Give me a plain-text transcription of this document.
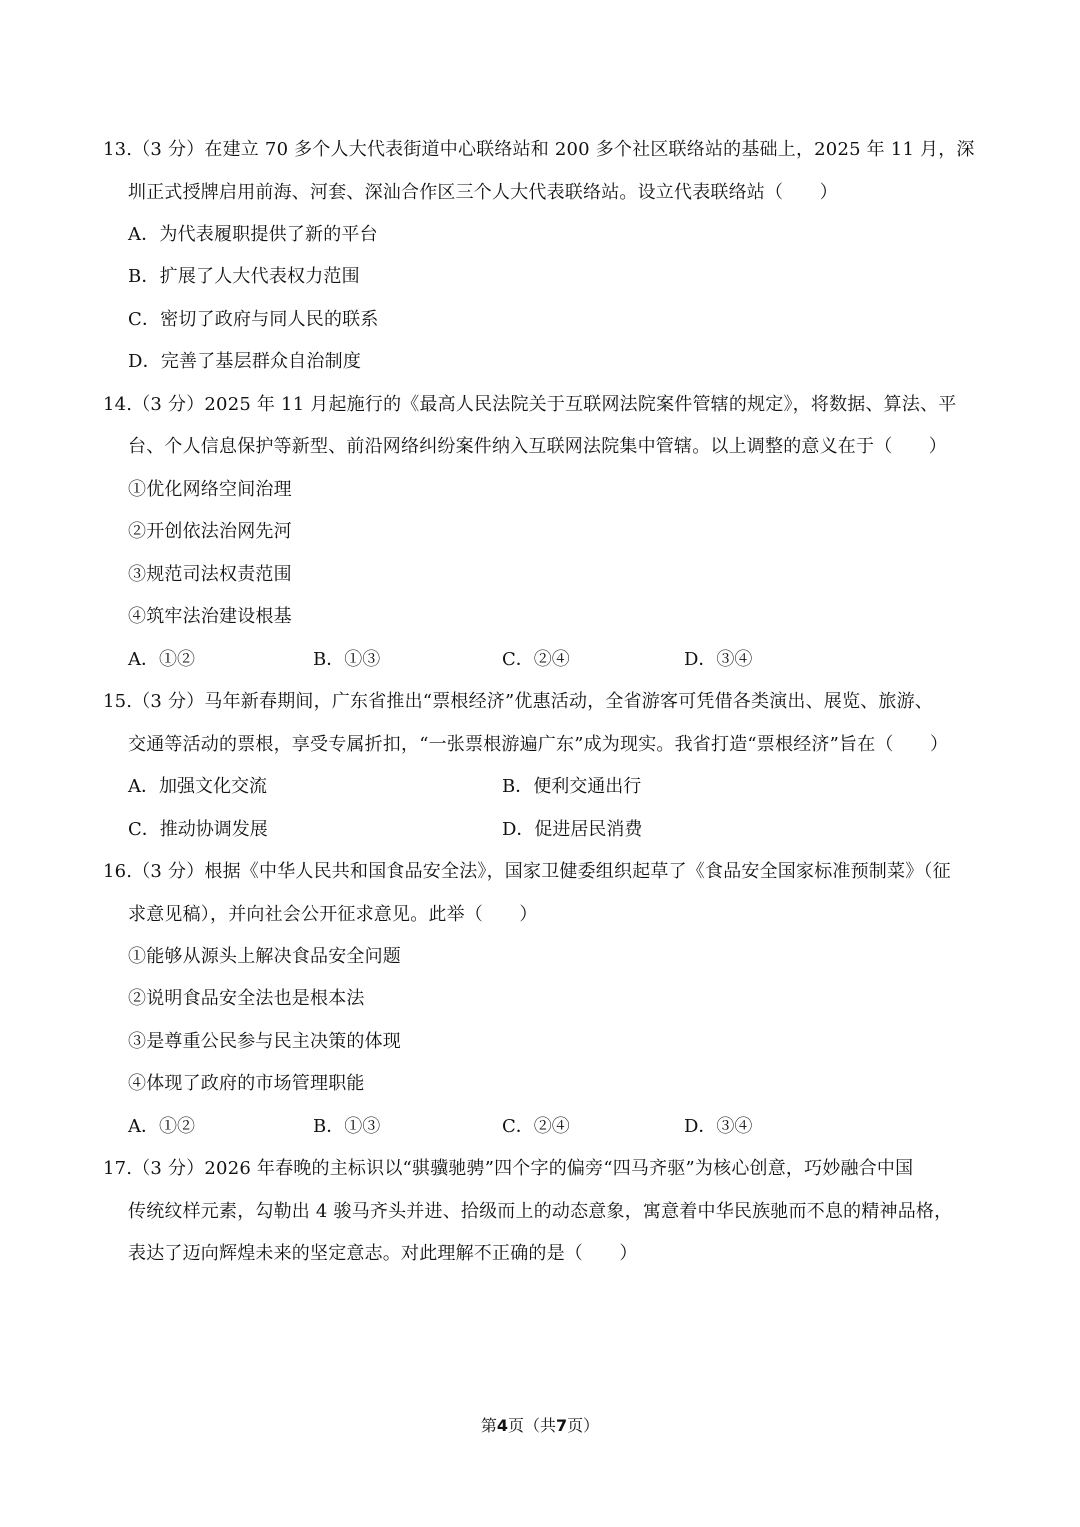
13.（3 分）在建立 70 多个人大代表街道中心联络站和 200 多个社区联络站的基础上，2025 年 11 月，深
圳正式授牌启用前海、河套、深汕合作区三个人大代表联络站。设立代表联络站（　　）
A．为代表履职提供了新的平台
B．扩展了人大代表权力范围
C．密切了政府与同人民的联系
D．完善了基层群众自治制度
14.（3 分）2025 年 11 月起施行的《最高人民法院关于互联网法院案件管辖的规定》，将数据、算法、平
台、个人信息保护等新型、前沿网络纠纷案件纳入互联网法院集中管辖。以上调整的意义在于（　　）
①优化网络空间治理
②开创依法治网先河
③规范司法权责范围
④筑牢法治建设根基
A．①②	B．①③	C．②④	D．③④
15.（3 分）马年新春期间，广东省推出“票根经济”优惠活动，全省游客可凭借各类演出、展览、旅游、
交通等活动的票根，享受专属折扣，“一张票根游遍广东”成为现实。我省打造“票根经济”旨在（　　）
A．加强文化交流	B．便利交通出行
C．推动协调发展	D．促进居民消费
16.（3 分）根据《中华人民共和国食品安全法》，国家卫健委组织起草了《食品安全国家标准预制菜》（征
求意见稿），并向社会公开征求意见。此举（　　）
①能够从源头上解决食品安全问题
②说明食品安全法也是根本法
③是尊重公民参与民主决策的体现
④体现了政府的市场管理职能
A．①②	B．①③	C．②④	D．③④
17.（3 分）2026 年春晚的主标识以“骐骥驰骋”四个字的偏旁“四马齐驱”为核心创意，巧妙融合中国
传统纹样元素，勾勒出 4 骏马齐头并进、拾级而上的动态意象，寓意着中华民族驰而不息的精神品格，
表达了迈向辉煌未来的坚定意志。对此理解不正确的是（　　）
第4页（共7页）
